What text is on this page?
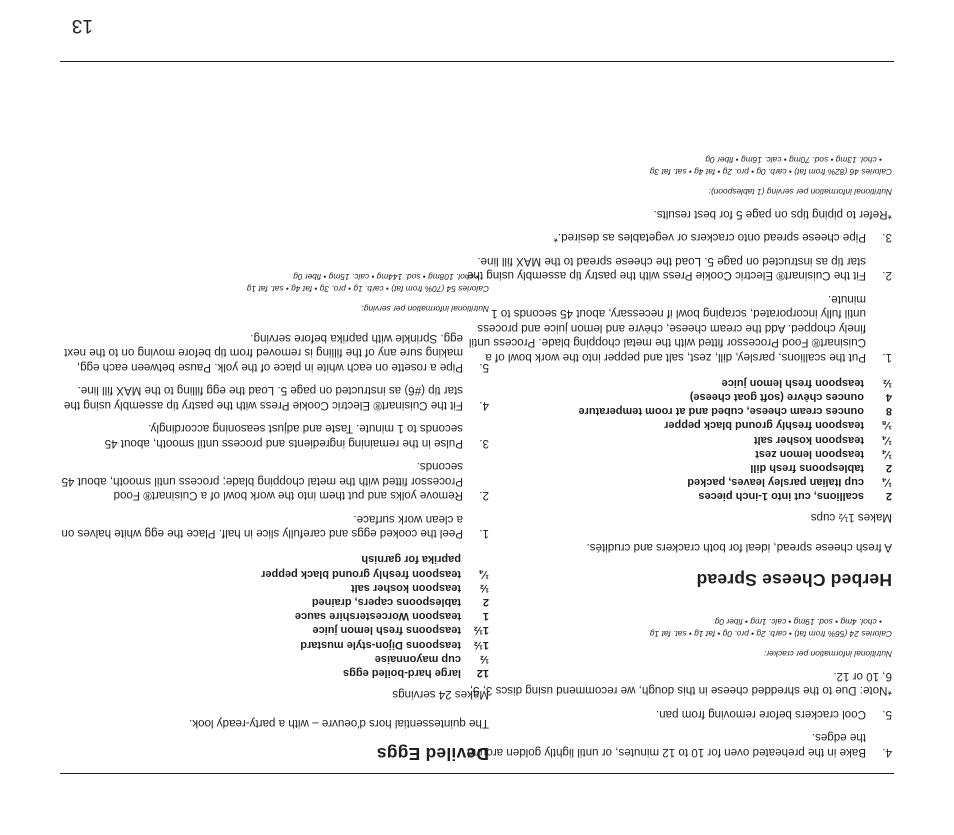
4.
Bake in the preheated oven for 10 to 12 minutes, or until lightly golden around the edges.

5.
Cool crackers before removing from pan.

*Note: Due to the shredded cheese in this dough, we recommend using discs 3, 5, 6, 10 or 12.

Nutritional information per cracker:

Calories 24 (56% from fat) • carb. 2g • pro. 0g • fat 1g • sat. fat 1g

• chol. 4mg • sod. 19mg • calc. 1mg • fiber 0g

Herbed Cheese Spread

A fresh cheese spread, ideal for both crackers and crudités.

Makes 1½ cups

2
scallions, cut into 1-inch pieces
¼
cup Italian parsley leaves, packed
2
tablespoons fresh dill
¼
teaspoon lemon zest
¼
teaspoon kosher salt
⅛
teaspoon freshly ground black pepper
8
ounces cream cheese, cubed and at room temperature
4
ounces chèvre (soft goat cheese)
½
teaspoon fresh lemon juice

1.
Put the scallions, parsley, dill, zest, salt and pepper into the work bowl of a Cuisinart® Food Processor fitted with the metal chopping blade. Process until finely chopped. Add the cream cheese, chèvre and lemon juice and process until fully incorporated, scraping bowl if necessary, about 45 seconds to 1 minute.

2.
Fit the Cuisinart® Electric Cookie Press with the pastry tip assembly using the star tip as instructed on page 5. Load the cheese spread to the MAX fill line.

3.
Pipe cheese spread onto crackers or vegetables as desired.*

*Refer to piping tips on page 5 for best results.

Nutritional information per serving (1 tablespoon):

Calories 46 (82% from fat) • carb. 0g • pro. 2g • fat 4g • sat. fat 3g

• chol. 13mg • sod. 70mg • calc. 16mg • fiber 0g

Deviled Eggs

The quintessential hors d'oeuvre – with a party-ready look.

Makes 24 servings

12
large hard-boiled eggs
½
cup mayonnaise
1½
teaspoons Dijon-style mustard
1½
teaspoons fresh lemon juice
1
teaspoon Worcestershire sauce
2
tablespoons capers, drained
½
teaspoon kosher salt
¼
teaspoon freshly ground black pepper
paprika for garnish

1.
Peel the cooked eggs and carefully slice in half. Place the egg white halves on a clean work surface.

2.
Remove yolks and put them into the work bowl of a Cuisinart® Food Processor fitted with the metal chopping blade; process until smooth, about 45 seconds.

3.
Pulse in the remaining ingredients and process until smooth, about 45 seconds to 1 minute. Taste and adjust seasoning accordingly.

4.
Fit the Cuisinart® Electric Cookie Press with the pastry tip assembly using the star tip (#6) as instructed on page 5. Load the egg filling to the MAX fill line.

5.
Pipe a rosette on each white in place of the yolk. Pause between each egg, making sure any of the filling is removed from tip before moving on to the next egg. Sprinkle with paprika before serving.

Nutritional information per serving:

Calories 54 (70% from fat) • carb. 1g • pro. 3g • fat 4g • sat. fat 1g

• chol. 108mg • sod. 144mg • calc. 15mg • fiber 0g

13
